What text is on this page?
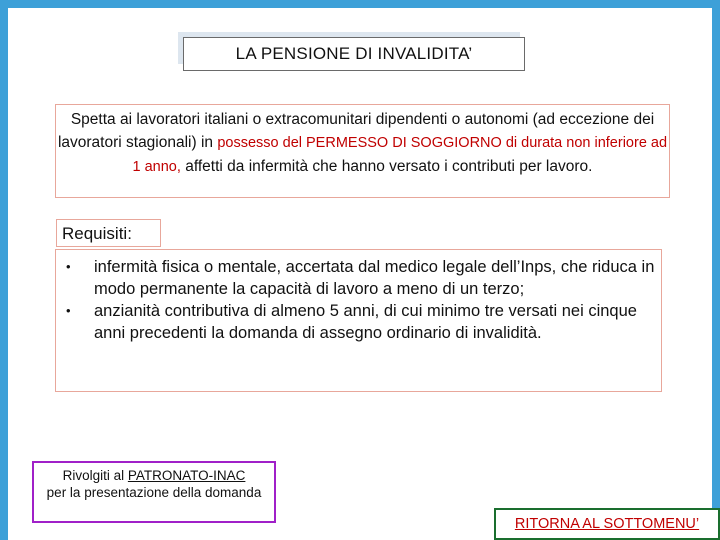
LA PENSIONE DI INVALIDITA’
Spetta ai lavoratori italiani o extracomunitari dipendenti o autonomi (ad eccezione dei lavoratori stagionali) in possesso del PERMESSO DI SOGGIORNO di durata non inferiore ad 1 anno, affetti da infermità che hanno versato i contributi per lavoro.
Requisiti:
• infermità fisica o mentale, accertata dal medico legale dell’Inps, che riduca in modo permanente la capacità di lavoro a meno di un terzo;
• anzianità contributiva di almeno 5 anni, di cui minimo tre versati nei cinque anni precedenti la domanda di assegno ordinario di invalidità.
Rivolgiti al PATRONATO-INAC
per la presentazione della domanda
RITORNA AL SOTTOMENU’
